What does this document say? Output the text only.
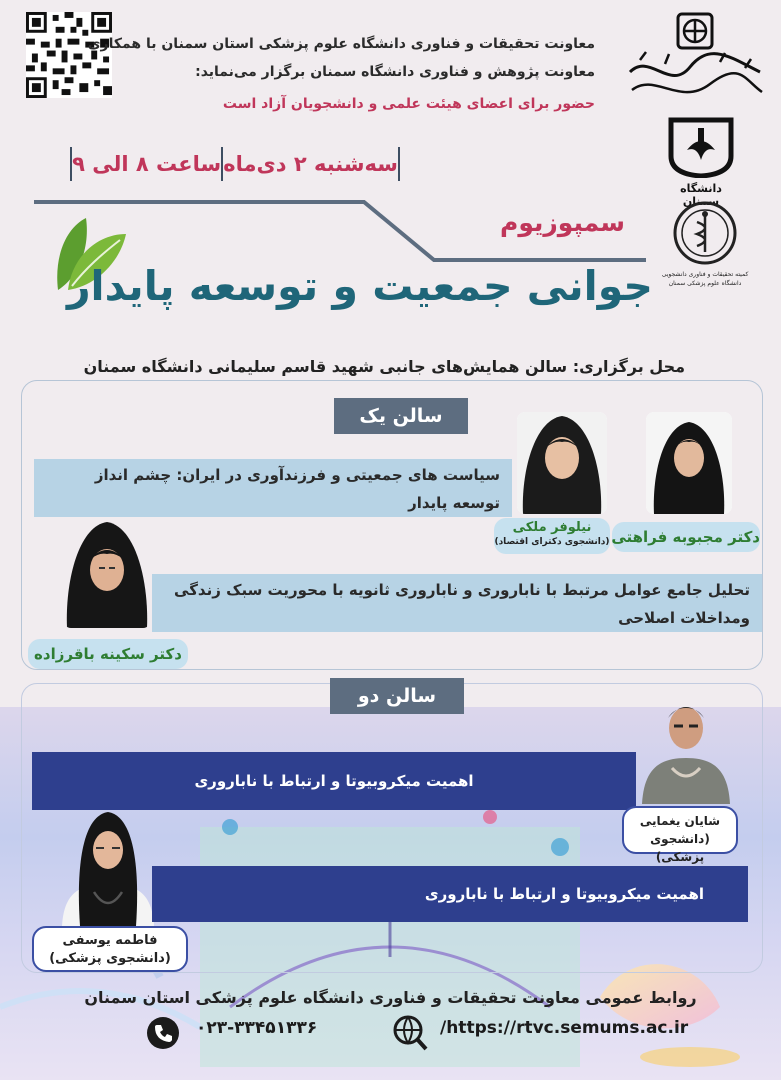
معاونت تحقیقات و فناوری دانشگاه علوم پزشکی استان سمنان با همکاری
معاونت پژوهش و فناوری دانشگاه سمنان برگزار می‌نماید:
حضور برای اعضای هیئت علمی و دانشجویان آزاد است
دانشگاه سمنان
کمیته تحقیقات و فناوری دانشجویی دانشگاه علوم پزشکی سمنان
سه‌شنبه ۲ دی‌ماه
ساعت ۸ الی ۹
سمپوزیوم
جوانی جمعیت و توسعه پایدار
محل برگزاری: سالن همایش‌های جانبی شهید قاسم سلیمانی دانشگاه سمنان
سالن یک
سیاست های جمعیتی و فرزندآوری در ایران: چشم انداز توسعه پایدار
دکتر مجبوبه فراهتی
نیلوفر ملکی
(دانشجوی دکترای اقتصاد)
تحلیل جامع عوامل مرتبط با ناباروری و ناباروری ثانویه با محوریت سبک زندگی ومداخلات اصلاحی
دکتر سکینه باقرزاده
سالن دو
اهمیت میکروبیوتا و ارتباط با ناباروری
شایان یغمایی
(دانشجوی پزشکی)
اهمیت میکروبیوتا و ارتباط با ناباروری
فاطمه یوسفی
(دانشجوی پزشکی)
روابط عمومی معاونت تحقیقات و فناوری دانشگاه علوم پزشکی استان سمنان
۰۲۳-۳۳۴۵۱۳۳۶	/https://rtvc.semums.ac.ir
